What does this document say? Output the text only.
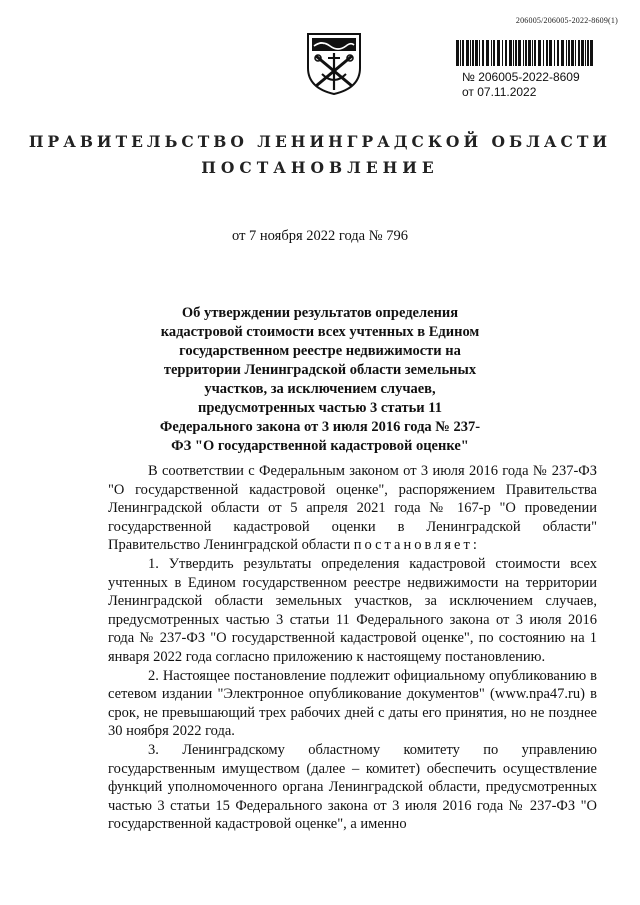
206005/206005-2022-8609(1)
№ 206005-2022-8609
от 07.11.2022
ПРАВИТЕЛЬСТВО ЛЕНИНГРАДСКОЙ ОБЛАСТИ
ПОСТАНОВЛЕНИЕ
от 7 ноября 2022 года № 796
Об утверждении результатов определения кадастровой стоимости всех учтенных в Едином государственном реестре недвижимости на территории Ленинградской области земельных участков, за исключением случаев, предусмотренных частью 3 статьи 11 Федерального закона от 3 июля 2016 года № 237-ФЗ "О государственной кадастровой оценке"

В соответствии с Федеральным законом от 3 июля 2016 года № 237-ФЗ "О государственной кадастровой оценке", распоряжением Правительства Ленинградской области от 5 апреля 2021 года № 167-р "О проведении государственной кадастровой оценки в Ленинградской области" Правительство Ленинградской области постановляет:

1. Утвердить результаты определения кадастровой стоимости всех учтенных в Едином государственном реестре недвижимости на территории Ленинградской области земельных участков, за исключением случаев, предусмотренных частью 3 статьи 11 Федерального закона от 3 июля 2016 года № 237-ФЗ "О государственной кадастровой оценке", по состоянию на 1 января 2022 года согласно приложению к настоящему постановлению.

2. Настоящее постановление подлежит официальному опубликованию в сетевом издании "Электронное опубликование документов" (www.npa47.ru) в срок, не превышающий трех рабочих дней с даты его принятия, но не позднее 30 ноября 2022 года.

3. Ленинградскому областному комитету по управлению государственным имуществом (далее – комитет) обеспечить осуществление функций уполномоченного органа Ленинградской области, предусмотренных частью 3 статьи 15 Федерального закона от 3 июля 2016 года № 237-ФЗ "О государственной кадастровой оценке", а именно
